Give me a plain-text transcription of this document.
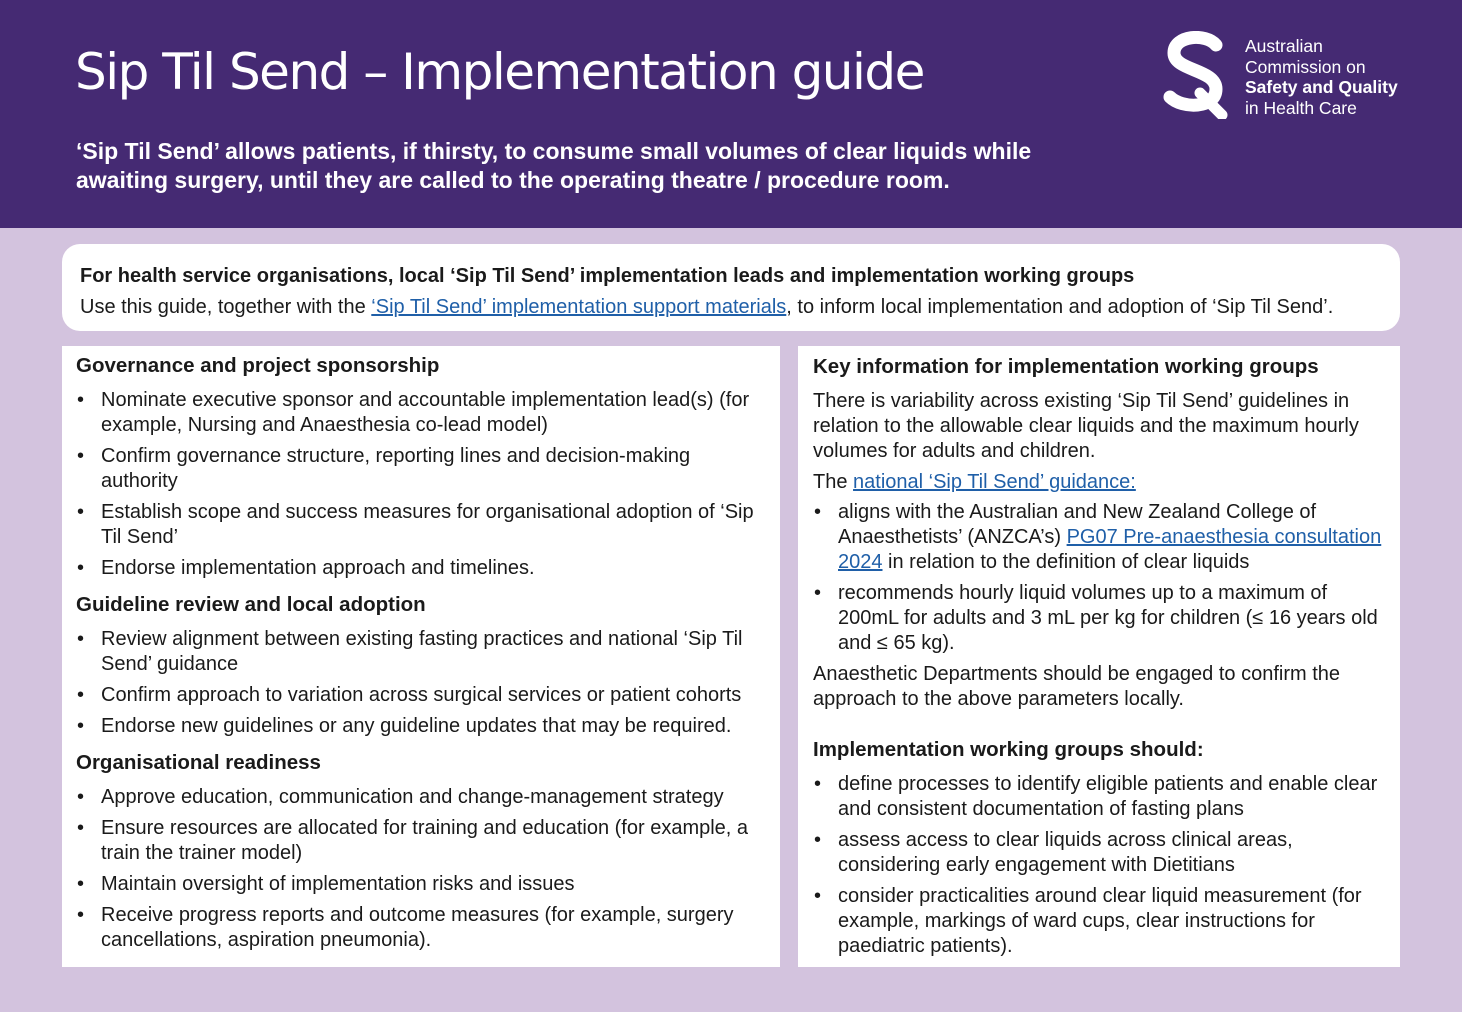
Sip Til Send – Implementation guide

‘Sip Til Send’ allows patients, if thirsty, to consume small volumes of clear liquids while awaiting surgery, until they are called to the operating theatre / procedure room.

Australian
Commission on
Safety and Quality
in Health Care

For health service organisations, local ‘Sip Til Send’ implementation leads and implementation working groups

Use this guide, together with the ‘Sip Til Send’ implementation support materials, to inform local implementation and adoption of ‘Sip Til Send’.

Governance and project sponsorship
• Nominate executive sponsor and accountable implementation lead(s) (for example, Nursing and Anaesthesia co-lead model)
• Confirm governance structure, reporting lines and decision-making authority
• Establish scope and success measures for organisational adoption of ‘Sip Til Send’
• Endorse implementation approach and timelines.
Guideline review and local adoption
• Review alignment between existing fasting practices and national ‘Sip Til Send’ guidance
• Confirm approach to variation across surgical services or patient cohorts
• Endorse new guidelines or any guideline updates that may be required.
Organisational readiness
• Approve education, communication and change-management strategy
• Ensure resources are allocated for training and education (for example, a train the trainer model)
• Maintain oversight of implementation risks and issues
• Receive progress reports and outcome measures (for example, surgery cancellations, aspiration pneumonia).
Key information for implementation working groups

There is variability across existing ‘Sip Til Send’ guidelines in relation to the allowable clear liquids and the maximum hourly volumes for adults and children.

The national ‘Sip Til Send’ guidance:

• aligns with the Australian and New Zealand College of Anaesthetists’ (ANZCA’s) PG07 Pre-anaesthesia consultation 2024 in relation to the definition of clear liquids
• recommends hourly liquid volumes up to a maximum of 200mL for adults and 3 mL per kg for children (≤ 16 years old and ≤ 65 kg).

Anaesthetic Departments should be engaged to confirm the approach to the above parameters locally.

Implementation working groups should:
• define processes to identify eligible patients and enable clear and consistent documentation of fasting plans
• assess access to clear liquids across clinical areas, considering early engagement with Dietitians
• consider practicalities around clear liquid measurement (for example, markings of ward cups, clear instructions for paediatric patients).
